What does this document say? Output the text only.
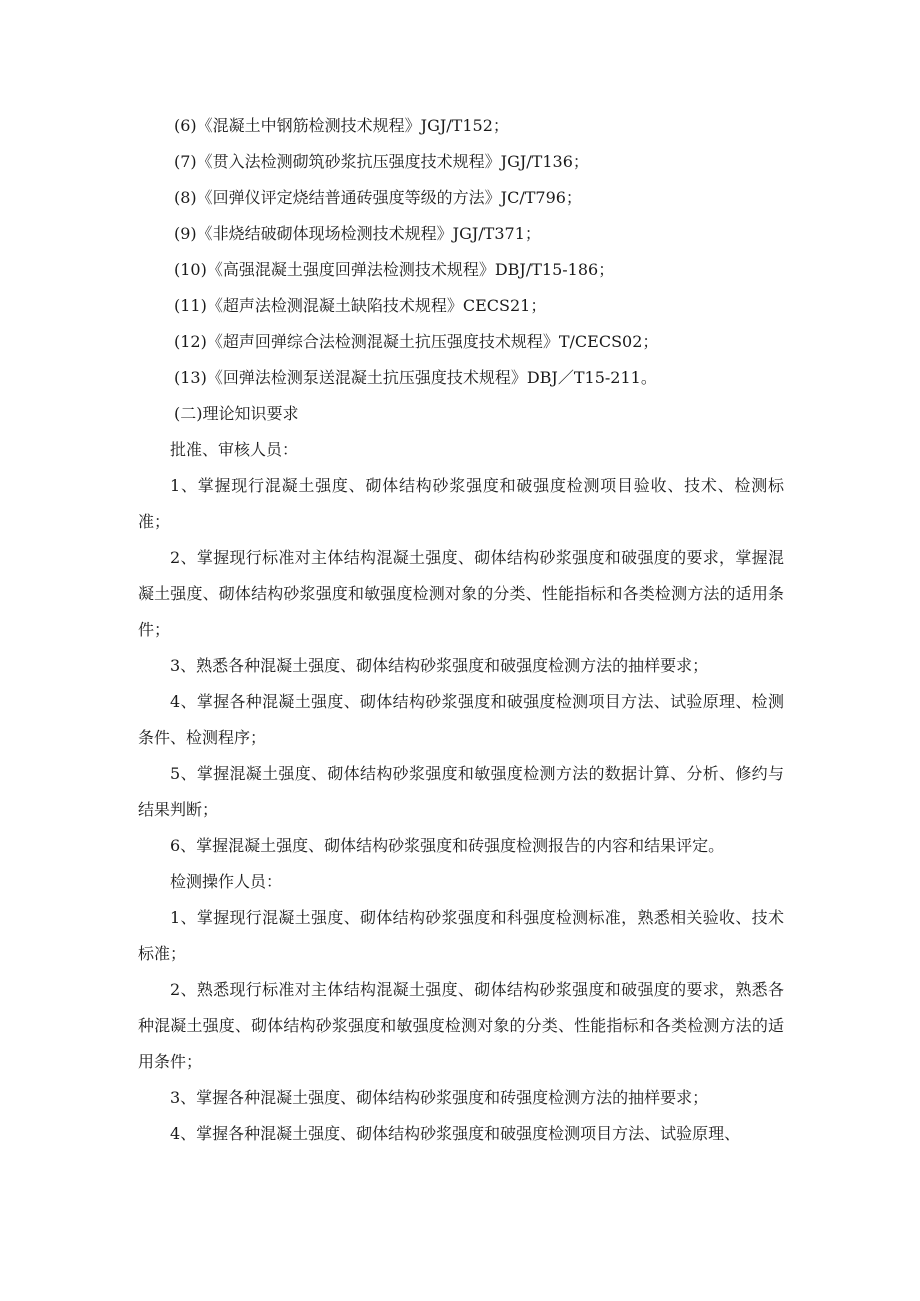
(6)《混凝土中钢筋检测技术规程》JGJ/T152；

(7)《贯入法检测砌筑砂浆抗压强度技术规程》JGJ/T136；

(8)《回弹仪评定烧结普通砖强度等级的方法》JC/T796；

(9)《非烧结破砌体现场检测技术规程》JGJ/T371；

(10)《高强混凝土强度回弹法检测技术规程》DBJ/T15-186；

(11)《超声法检测混凝土缺陷技术规程》CECS21；

(12)《超声回弹综合法检测混凝土抗压强度技术规程》T/CECS02；

(13)《回弹法检测泵送混凝土抗压强度技术规程》DBJ／T15-211。

(二)理论知识要求

批准、审核人员：

1、掌握现行混凝土强度、砌体结构砂浆强度和破强度检测项目验收、技术、检测标准；

2、掌握现行标准对主体结构混凝土强度、砌体结构砂浆强度和破强度的要求，掌握混凝土强度、砌体结构砂浆强度和敏强度检测对象的分类、性能指标和各类检测方法的适用条件；

3、熟悉各种混凝土强度、砌体结构砂浆强度和破强度检测方法的抽样要求；

4、掌握各种混凝土强度、砌体结构砂浆强度和破强度检测项目方法、试验原理、检测条件、检测程序；

5、掌握混凝土强度、砌体结构砂浆强度和敏强度检测方法的数据计算、分析、修约与结果判断；

6、掌握混凝土强度、砌体结构砂浆强度和砖强度检测报告的内容和结果评定。

检测操作人员：

1、掌握现行混凝土强度、砌体结构砂浆强度和科强度检测标准，熟悉相关验收、技术标准；

2、熟悉现行标准对主体结构混凝土强度、砌体结构砂浆强度和破强度的要求，熟悉各种混凝土强度、砌体结构砂浆强度和敏强度检测对象的分类、性能指标和各类检测方法的适用条件；

3、掌握各种混凝土强度、砌体结构砂浆强度和砖强度检测方法的抽样要求；

4、掌握各种混凝土强度、砌体结构砂浆强度和破强度检测项目方法、试验原理、
